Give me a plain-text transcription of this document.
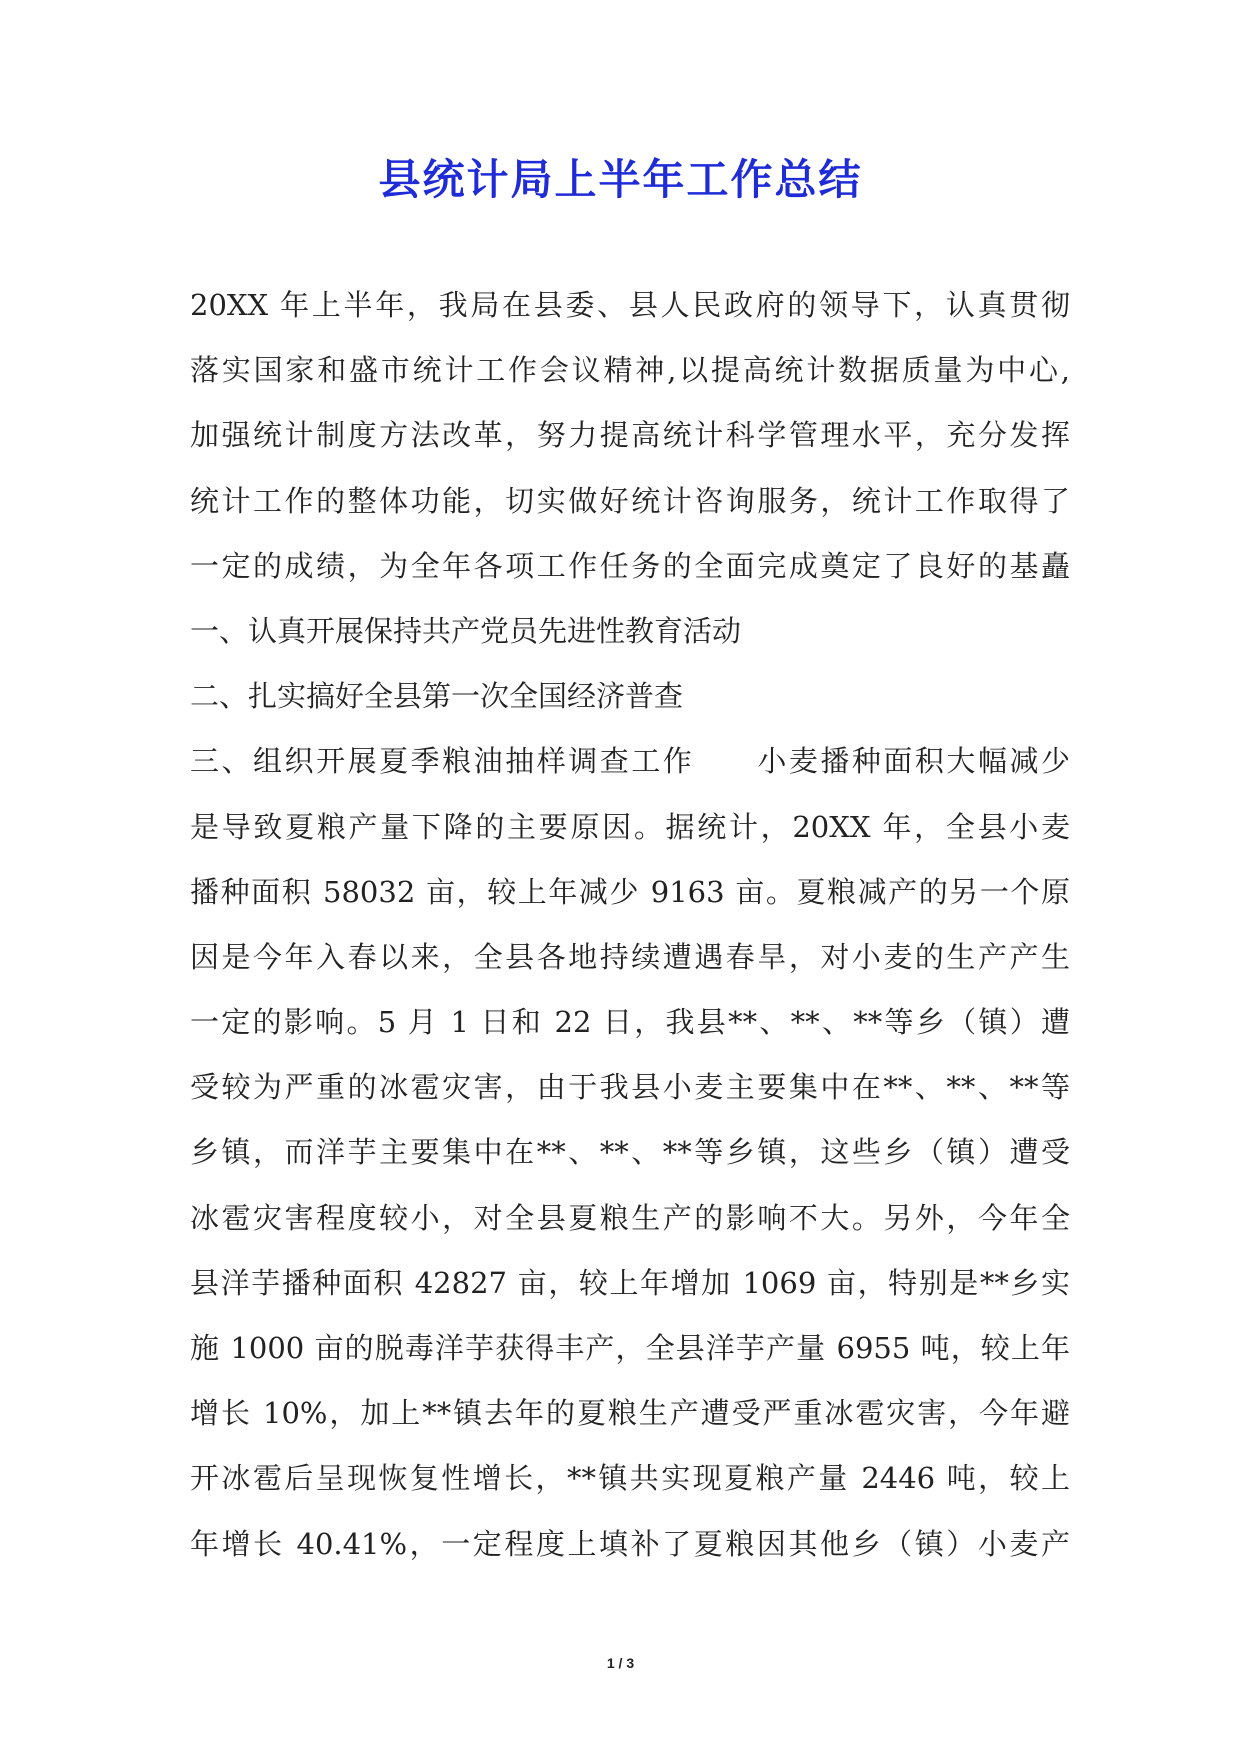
县统计局上半年工作总结
20XX 年上半年，我局在县委、县人民政府的领导下，认真贯彻
落实国家和盛市统计工作会议精神,以提高统计数据质量为中心,
加强统计制度方法改革，努力提高统计科学管理水平，充分发挥
统计工作的整体功能，切实做好统计咨询服务，统计工作取得了
一定的成绩，为全年各项工作任务的全面完成奠定了良好的基矗
一、认真开展保持共产党员先进性教育活动
二、扎实搞好全县第一次全国经济普查
三、组织开展夏季粮油抽样调查工作　　小麦播种面积大幅减少
是导致夏粮产量下降的主要原因。据统计，20XX 年，全县小麦
播种面积 58032 亩，较上年减少 9163 亩。夏粮减产的另一个原
因是今年入春以来，全县各地持续遭遇春旱，对小麦的生产产生
一定的影响。5 月 1 日和 22 日，我县**、**、**等乡（镇）遭
受较为严重的冰雹灾害，由于我县小麦主要集中在**、**、**等
乡镇，而洋芋主要集中在**、**、**等乡镇，这些乡（镇）遭受
冰雹灾害程度较小，对全县夏粮生产的影响不大。另外，今年全
县洋芋播种面积 42827 亩，较上年增加 1069 亩，特别是**乡实
施 1000 亩的脱毒洋芋获得丰产，全县洋芋产量 6955 吨，较上年
增长 10%，加上**镇去年的夏粮生产遭受严重冰雹灾害，今年避
开冰雹后呈现恢复性增长，**镇共实现夏粮产量 2446 吨，较上
年增长 40.41%，一定程度上填补了夏粮因其他乡（镇）小麦产
1 / 3
